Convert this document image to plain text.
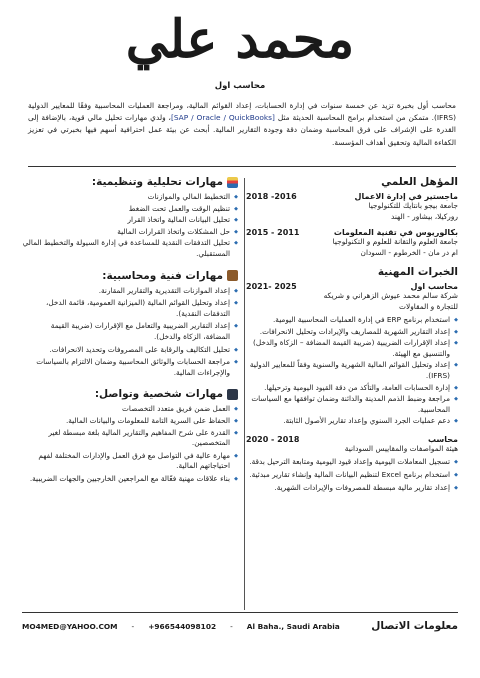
محمد علي
محاسب اول

محاسب أول بخبرة تزيد عن خمسة سنوات في إدارة الحسابات، إعداد القوائم المالية، ومراجعة العمليات المحاسبية وفقًا للمعايير الدولية (IFRS). متمكن من استخدام برامج المحاسبة الحديثة مثل [SAP / Oracle / QuickBooks]، ولدي مهارات تحليل مالي قوية، بالإضافة إلى القدرة على الإشراف على فرق المحاسبة وضمان دقة وجودة التقارير المالية. أبحث عن بيئة عمل احترافية أسهم فيها بخبرتي في تعزيز الكفاءة المالية وتحقيق أهداف المؤسسة.

المؤهل العلمي
ماجستير في إدارة الاعمال
2016- 2018
جامعة بيجو بانتايك للتكنولوجيا
روركيلا، بيشاور - الهند
بكالوريوس في تقنية المعلومات
2011 - 2015
جامعة العلوم والتقانة للعلوم و التكنولوجيا
ام در مان - الخرطوم - السودان
الخبرات المهنية
محاسب اول
2025 -2021
شركة سالم محمد عيوش الزهراني و شريكه
للتجارة و المقاولات
◆ استخدام برنامج ERP في إدارة العمليات المحاسبية اليومية.
◆ إعداد التقارير الشهرية للمصاريف والإيرادات وتحليل الانحرافات.
◆ إعداد الإقرارات الضريبية (ضريبة القيمة المضافة – الزكاة والدخل) والتنسيق مع الهيئة.
◆ إعداد وتحليل القوائم المالية الشهرية والسنوية وفقاً للمعايير الدولية (IFRS).
◆ إدارة الحسابات العامة، والتأكد من دقة القيود اليومية وترحيلها.
◆ مراجعة وضبط الذمم المدينة والدائنة وضمان توافقها مع السياسات المحاسبية.
◆ دعم عمليات الجرد السنوي وإعداد تقارير الأصول الثابتة.
محاسب
2018 - 2020
هيئة المواصفات والمقاييس السودانية
◆ تسجيل المعاملات اليومية وإعداد قيود اليومية ومتابعة الترحيل بدقة.
◆ استخدام برنامج Excel لتنظيم البيانات المالية وإنشاء تقارير مبدئية.
◆ إعداد تقارير مالية مبسطة للمصروفات والإيرادات الشهرية.
مهارات تحليلية وتنظيمية:
◆ التخطيط المالي والموازنات
◆ تنظيم الوقت والعمل تحت الضغط
◆ تحليل البيانات المالية واتخاذ القرار
◆ حل المشكلات واتخاذ القرارات المالية
◆ تحليل التدفقات النقدية للمساعدة في إدارة السيولة والتخطيط المالي المستقبلي.
مهارات فنية ومحاسبية:
◆ إعداد الموازنات التقديرية والتقارير المقارنة.
◆ إعداد وتحليل القوائم المالية (الميزانية العمومية، قائمة الدخل، التدفقات النقدية).
◆ إعداد التقارير الضريبية والتعامل مع الإقرارات (ضريبة القيمة المضافة، الزكاة والدخل).
◆ تحليل التكاليف والرقابة على المصروفات وتحديد الانحرافات.
◆ مراجعة الحسابات والوثائق المحاسبية وضمان الالتزام بالسياسات والإجراءات المالية.
مهارات شخصية وتواصل:
◆ العمل ضمن فريق متعدد التخصصات
◆ الحفاظ على السرية التامة للمعلومات والبيانات المالية.
◆ القدرة على شرح المفاهيم والتقارير المالية بلغة مبسطة لغير المتخصصين.
◆ مهارة عالية في التواصل مع فرق العمل والإدارات المختلفة لفهم احتياجاتهم المالية.
◆ بناء علاقات مهنية فعّالة مع المراجعين الخارجيين والجهات الضريبية.
MO4MED@YAHOO.COM - +966544098102 - Al Baha., Saudi Arabia	معلومات الاتصال
